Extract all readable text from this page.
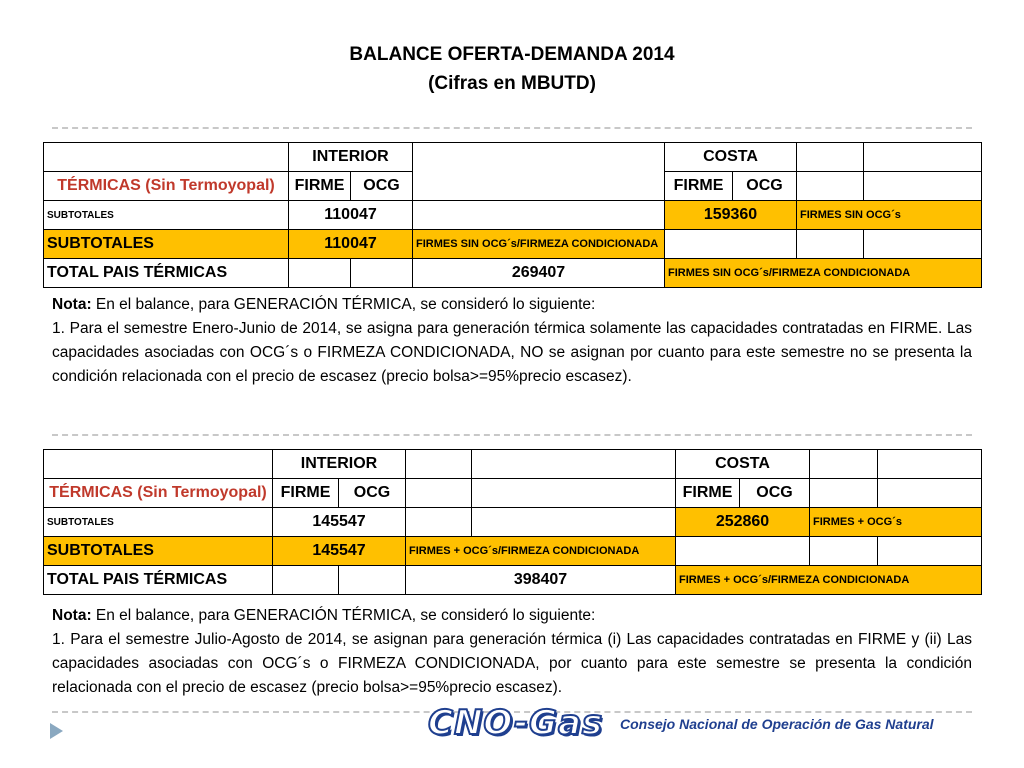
BALANCE OFERTA-DEMANDA 2014
(Cifras en MBUTD)
	INTERIOR			COSTA			
TÉRMICAS (Sin Termoyopal)	FIRME	OCG		FIRME	OCG		
SUBTOTALES	110047			159360		FIRMES SIN OCG´s	
SUBTOTALES	110047		FIRMES SIN OCG´s/FIRMEZA CONDICIONADA				
TOTAL PAIS TÉRMICAS			269407	FIRMES SIN OCG´s/FIRMEZA CONDICIONADA			
Nota: En el balance, para GENERACIÓN TÉRMICA, se consideró lo siguiente:
1. Para el semestre Enero-Junio de 2014, se asigna para generación térmica solamente las capacidades contratadas en FIRME. Las capacidades asociadas con OCG´s o FIRMEZA CONDICIONADA, NO se asignan por cuanto para este semestre no se presenta la condición relacionada con el precio de escasez (precio bolsa>=95%precio escasez).
	INTERIOR				COSTA			
TÉRMICAS (Sin Termoyopal)	FIRME	OCG			FIRME	OCG		
SUBTOTALES	145547				252860		FIRMES + OCG´s	
SUBTOTALES	145547		FIRMES + OCG´s/FIRMEZA CONDICIONADA					
TOTAL PAIS TÉRMICAS			398407		FIRMES + OCG´s/FIRMEZA CONDICIONADA			
Nota: En el balance, para GENERACIÓN TÉRMICA, se consideró lo siguiente:
1. Para el semestre Julio-Agosto de 2014, se asignan para generación térmica (i) Las capacidades contratadas en FIRME y (ii) Las capacidades asociadas con OCG´s o FIRMEZA CONDICIONADA, por cuanto para este semestre se presenta la condición relacionada con el precio de escasez (precio bolsa>=95%precio escasez).
CNO-Gas Consejo Nacional de Operación de Gas Natural
